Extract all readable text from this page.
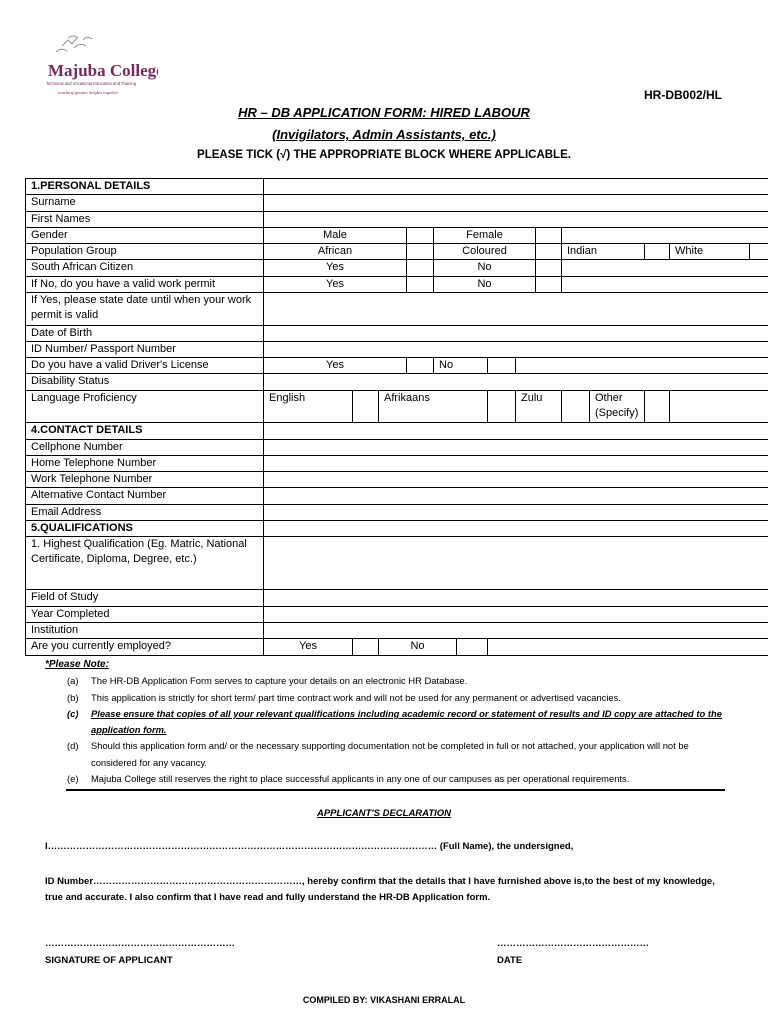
Majuba College
Technical and Vocational Education and Training
reaching greater heights together	HR-DB002/HL
HR – DB APPLICATION FORM: HIRED LABOUR
(Invigilators, Admin Assistants, etc.)
PLEASE TICK (√) THE APPROPRIATE BLOCK WHERE APPLICABLE.
1.PERSONAL DETAILS														
Surname														
First Names														
Gender	Male				Female									
Population Group	African				Coloured					Indian			White	
South African Citizen	Yes				No									
If No, do you have a valid work permit	Yes				No									
If Yes, please state date until when your work permit is valid														
Date of Birth														
ID Number/ Passport Number														
Do you have a valid Driver's License	Yes				No									
Disability Status														
Language Proficiency	English		Afrikaans					Zulu			Other (Specify)			
4.CONTACT DETAILS														
Cellphone Number														
Home Telephone Number														
Work Telephone Number														
Alternative Contact Number														
Email Address														
5.QUALIFICATIONS														
1. Highest Qualification (Eg. Matric, National Certificate, Diploma, Degree, etc.)														
Field of Study														
Year Completed														
Institution														
Are you currently employed?	Yes		No											
*Please Note:
(a)	The HR-DB Application Form serves to capture your details on an electronic HR Database.
(b)	This application is strictly for short term/ part time contract work and will not be used for any permanent or advertised vacancies.
(c)	Please ensure that copies of all your relevant qualifications including academic record or statement of results and ID copy are attached to the application form.
(d)	Should this application form and/ or the necessary supporting documentation not be completed in full or not attached, your application will not be considered for any vacancy.
(e)	Majuba College still reserves the right to place successful applicants in any one of our campuses as per operational requirements.
APPLICANT'S DECLARATION
I…………………………………………………………………………………………………………… (Full Name), the undersigned,
ID Number…………………………………………………………, hereby confirm that the details that I have furnished above is,to the best of my knowledge, true and accurate. I also confirm that I have read and fully understand the HR-DB Application form.
……………………………………………………	…………………………………………
SIGNATURE OF APPLICANT	DATE
COMPILED BY: VIKASHANI ERRALAL
